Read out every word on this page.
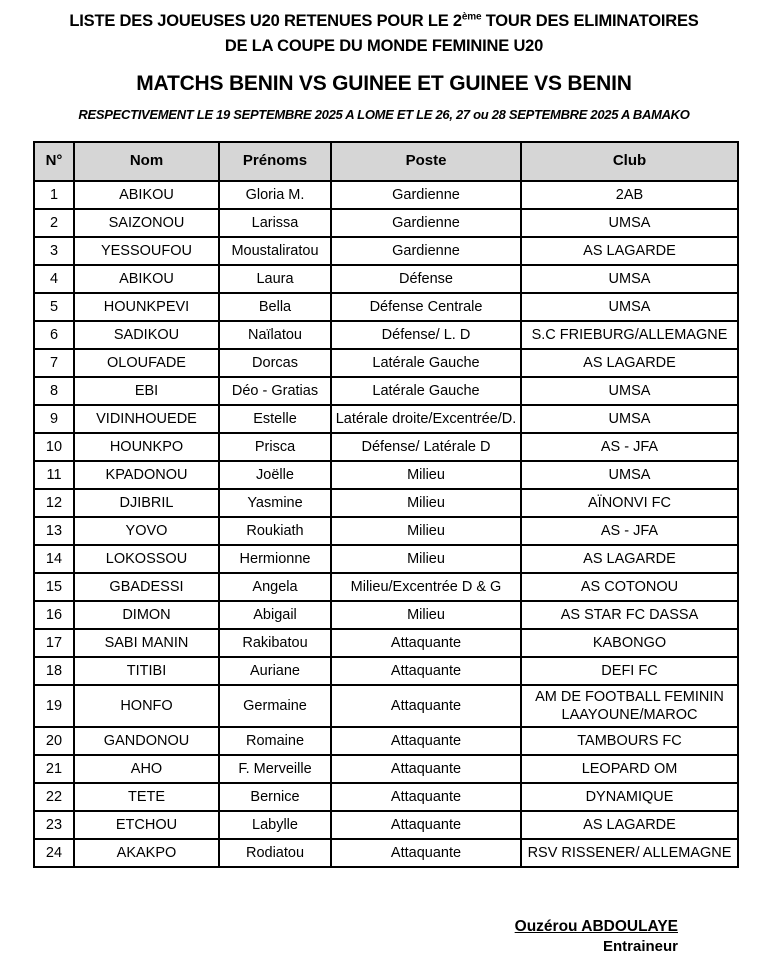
LISTE DES JOUEUSES U20 RETENUES POUR LE 2ème TOUR DES ELIMINATOIRES
DE LA COUPE DU MONDE FEMININE U20
MATCHS BENIN VS GUINEE ET GUINEE VS BENIN
RESPECTIVEMENT LE 19 SEPTEMBRE 2025 A LOME ET LE 26, 27 ou 28 SEPTEMBRE 2025 A BAMAKO
N°	Nom	Prénoms	Poste	Club
1	ABIKOU	Gloria M.	Gardienne	2AB
2	SAIZONOU	Larissa	Gardienne	UMSA
3	YESSOUFOU	Moustaliratou	Gardienne	AS LAGARDE
4	ABIKOU	Laura	Défense	UMSA
5	HOUNKPEVI	Bella	Défense Centrale	UMSA
6	SADIKOU	Naïlatou	Défense/ L. D	S.C FRIEBURG/ALLEMAGNE
7	OLOUFADE	Dorcas	Latérale Gauche	AS LAGARDE
8	EBI	Déo - Gratias	Latérale Gauche	UMSA
9	VIDINHOUEDE	Estelle	Latérale droite/Excentrée/D.	UMSA
10	HOUNKPO	Prisca	Défense/ Latérale D	AS - JFA
11	KPADONOU	Joëlle	Milieu	UMSA
12	DJIBRIL	Yasmine	Milieu	AÏNONVI FC
13	YOVO	Roukiath	Milieu	AS - JFA
14	LOKOSSOU	Hermionne	Milieu	AS LAGARDE
15	GBADESSI	Angela	Milieu/Excentrée D & G	AS COTONOU
16	DIMON	Abigail	Milieu	AS STAR FC DASSA
17	SABI MANIN	Rakibatou	Attaquante	KABONGO
18	TITIBI	Auriane	Attaquante	DEFI FC
19	HONFO	Germaine	Attaquante	AM DE FOOTBALL FEMININ LAAYOUNE/MAROC
20	GANDONOU	Romaine	Attaquante	TAMBOURS FC
21	AHO	F. Merveille	Attaquante	LEOPARD OM
22	TETE	Bernice	Attaquante	DYNAMIQUE
23	ETCHOU	Labylle	Attaquante	AS LAGARDE
24	AKAKPO	Rodiatou	Attaquante	RSV RISSENER/ ALLEMAGNE
Ouzérou ABDOULAYE
Entraineur
